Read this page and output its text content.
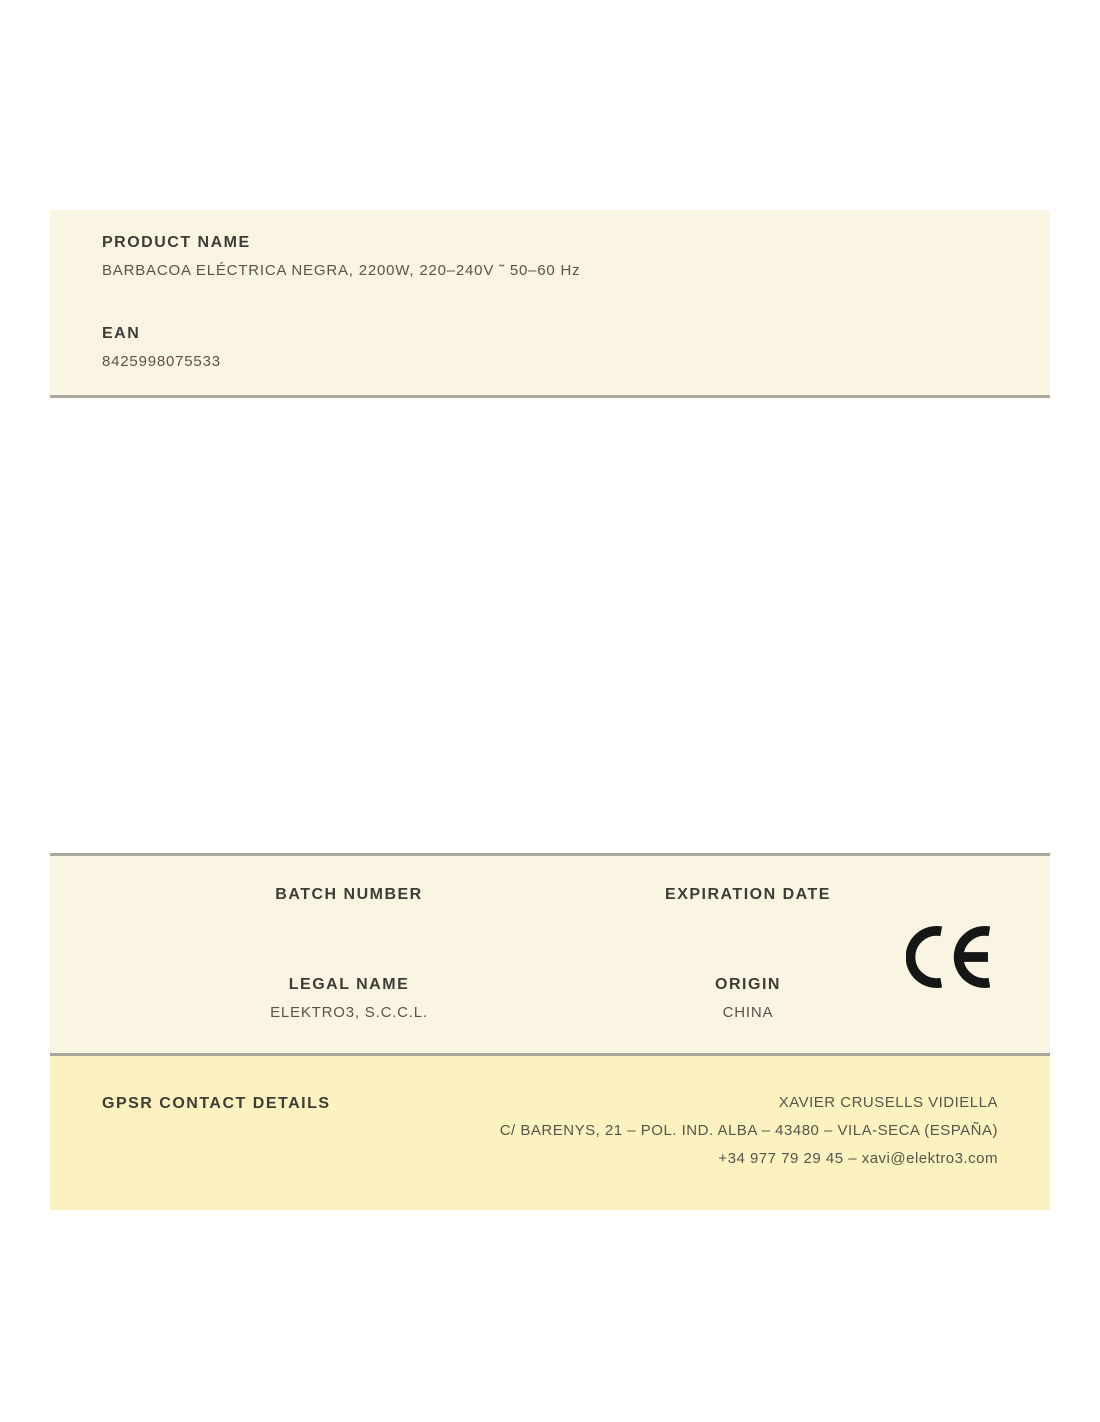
PRODUCT NAME
BARBACOA ELÉCTRICA NEGRA, 2200W, 220–240V ˜ 50–60 Hz
EAN
8425998075533
BATCH NUMBER	EXPIRATION DATE
LEGAL NAME
ELEKTRO3, S.C.C.L.
ORIGIN
CHINA
GPSR CONTACT DETAILS	XAVIER CRUSELLS VIDIELLA
C/ BARENYS, 21 – POL. IND. ALBA – 43480 – VILA-SECA (ESPAÑA)
+34 977 79 29 45 – xavi@elektro3.com
